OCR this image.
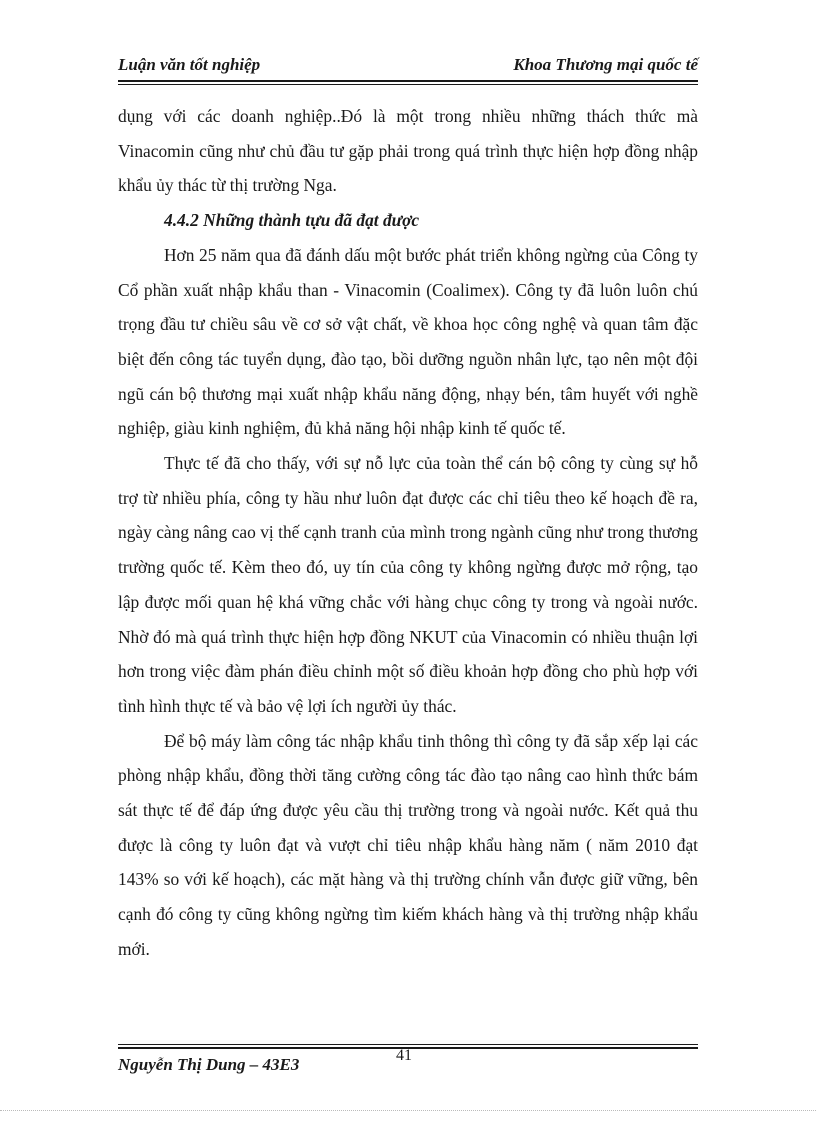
Luận văn tốt nghiệp	Khoa Thương mại quốc tế

dụng với các doanh nghiệp..Đó là một trong nhiều những thách thức mà Vinacomin cũng như chủ đầu tư gặp phải trong quá trình thực hiện hợp đồng nhập khẩu ủy thác từ thị trường Nga.

4.4.2 Những thành tựu đã đạt được

Hơn 25 năm qua đã đánh dấu một bước phát triển không ngừng của Công ty Cổ phần xuất nhập khẩu than - Vinacomin (Coalimex). Công ty đã luôn luôn chú trọng đầu tư chiều sâu về cơ sở vật chất, về khoa học công nghệ và quan tâm đặc biệt đến công tác tuyển dụng, đào tạo, bồi dưỡng nguồn nhân lực, tạo nên một đội ngũ cán bộ thương mại xuất nhập khẩu năng động, nhạy bén, tâm huyết với nghề nghiệp, giàu kinh nghiệm, đủ khả năng hội nhập kinh tế quốc tế.

Thực tế đã cho thấy, với sự nỗ lực của toàn thể cán bộ công ty cùng sự hỗ trợ từ nhiều phía, công ty hầu như luôn đạt được các chỉ tiêu theo kế hoạch đề ra, ngày càng nâng cao vị thế cạnh tranh của mình trong ngành cũng như trong thương trường quốc tế. Kèm theo đó, uy tín của công ty không ngừng được mở rộng, tạo lập được mối quan hệ khá vững chắc với hàng chục công ty trong và ngoài nước. Nhờ đó mà quá trình thực hiện hợp đồng NKUT của Vinacomin có nhiều thuận lợi hơn trong việc đàm phán điều chỉnh một số điều khoản hợp đồng cho phù hợp với tình hình thực tế và bảo vệ lợi ích người ủy thác.

Để bộ máy làm công tác nhập khẩu tinh thông thì công ty đã sắp xếp lại các phòng nhập khẩu, đồng thời tăng cường công tác đào tạo nâng cao hình thức bám sát thực tế để đáp ứng được yêu cầu thị trường trong và ngoài nước. Kết quả thu được là công ty luôn đạt và vượt chỉ tiêu nhập khẩu hàng năm ( năm 2010 đạt 143% so với kế hoạch), các mặt hàng và thị trường chính vẫn được giữ vững, bên cạnh đó công ty cũng không ngừng tìm kiếm khách hàng và thị trường nhập khẩu mới.

Nguyễn Thị Dung – 43E3	41
